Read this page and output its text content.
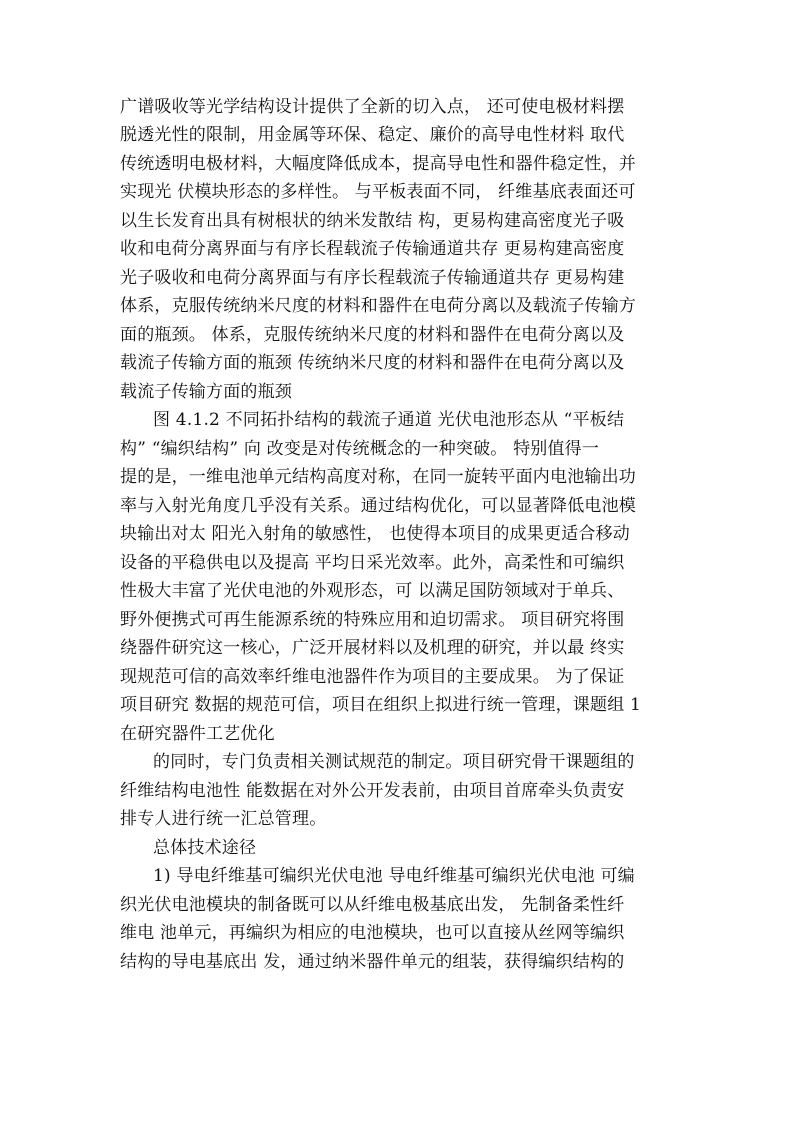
广谱吸收等光学结构设计提供了全新的切入点， 还可使电极材料摆
脱透光性的限制，用金属等环保、稳定、廉价的高导电性材料 取代
传统透明电极材料，大幅度降低成本，提高导电性和器件稳定性，并
实现光 伏模块形态的多样性。 与平板表面不同， 纤维基底表面还可
以生长发育出具有树根状的纳米发散结 构，更易构建高密度光子吸
收和电荷分离界面与有序长程载流子传输通道共存 更易构建高密度
光子吸收和电荷分离界面与有序长程载流子传输通道共存 更易构建
体系，克服传统纳米尺度的材料和器件在电荷分离以及载流子传输方
面的瓶颈。 体系，克服传统纳米尺度的材料和器件在电荷分离以及
载流子传输方面的瓶颈 传统纳米尺度的材料和器件在电荷分离以及
载流子传输方面的瓶颈
图 4.1.2 不同拓扑结构的载流子通道 光伏电池形态从 “平板结
构” “编织结构” 向 改变是对传统概念的一种突破。 特别值得一
提的是，一维电池单元结构高度对称，在同一旋转平面内电池输出功
率与入射光角度几乎没有关系。通过结构优化，可以显著降低电池模
块输出对太 阳光入射角的敏感性， 也使得本项目的成果更适合移动
设备的平稳供电以及提高 平均日采光效率。此外，高柔性和可编织
性极大丰富了光伏电池的外观形态，可 以满足国防领域对于单兵、
野外便携式可再生能源系统的特殊应用和迫切需求。 项目研究将围
绕器件研究这一核心，广泛开展材料以及机理的研究，并以最 终实
现规范可信的高效率纤维电池器件作为项目的主要成果。 为了保证
项目研究 数据的规范可信，项目在组织上拟进行统一管理，课题组 1
在研究器件工艺优化
的同时，专门负责相关测试规范的制定。项目研究骨干课题组的
纤维结构电池性 能数据在对外公开发表前，由项目首席牵头负责安
排专人进行统一汇总管理。
总体技术途径
1) 导电纤维基可编织光伏电池 导电纤维基可编织光伏电池 可编
织光伏电池模块的制备既可以从纤维电极基底出发， 先制备柔性纤
维电 池单元，再编织为相应的电池模块，也可以直接从丝网等编织
结构的导电基底出 发，通过纳米器件单元的组装，获得编织结构的
